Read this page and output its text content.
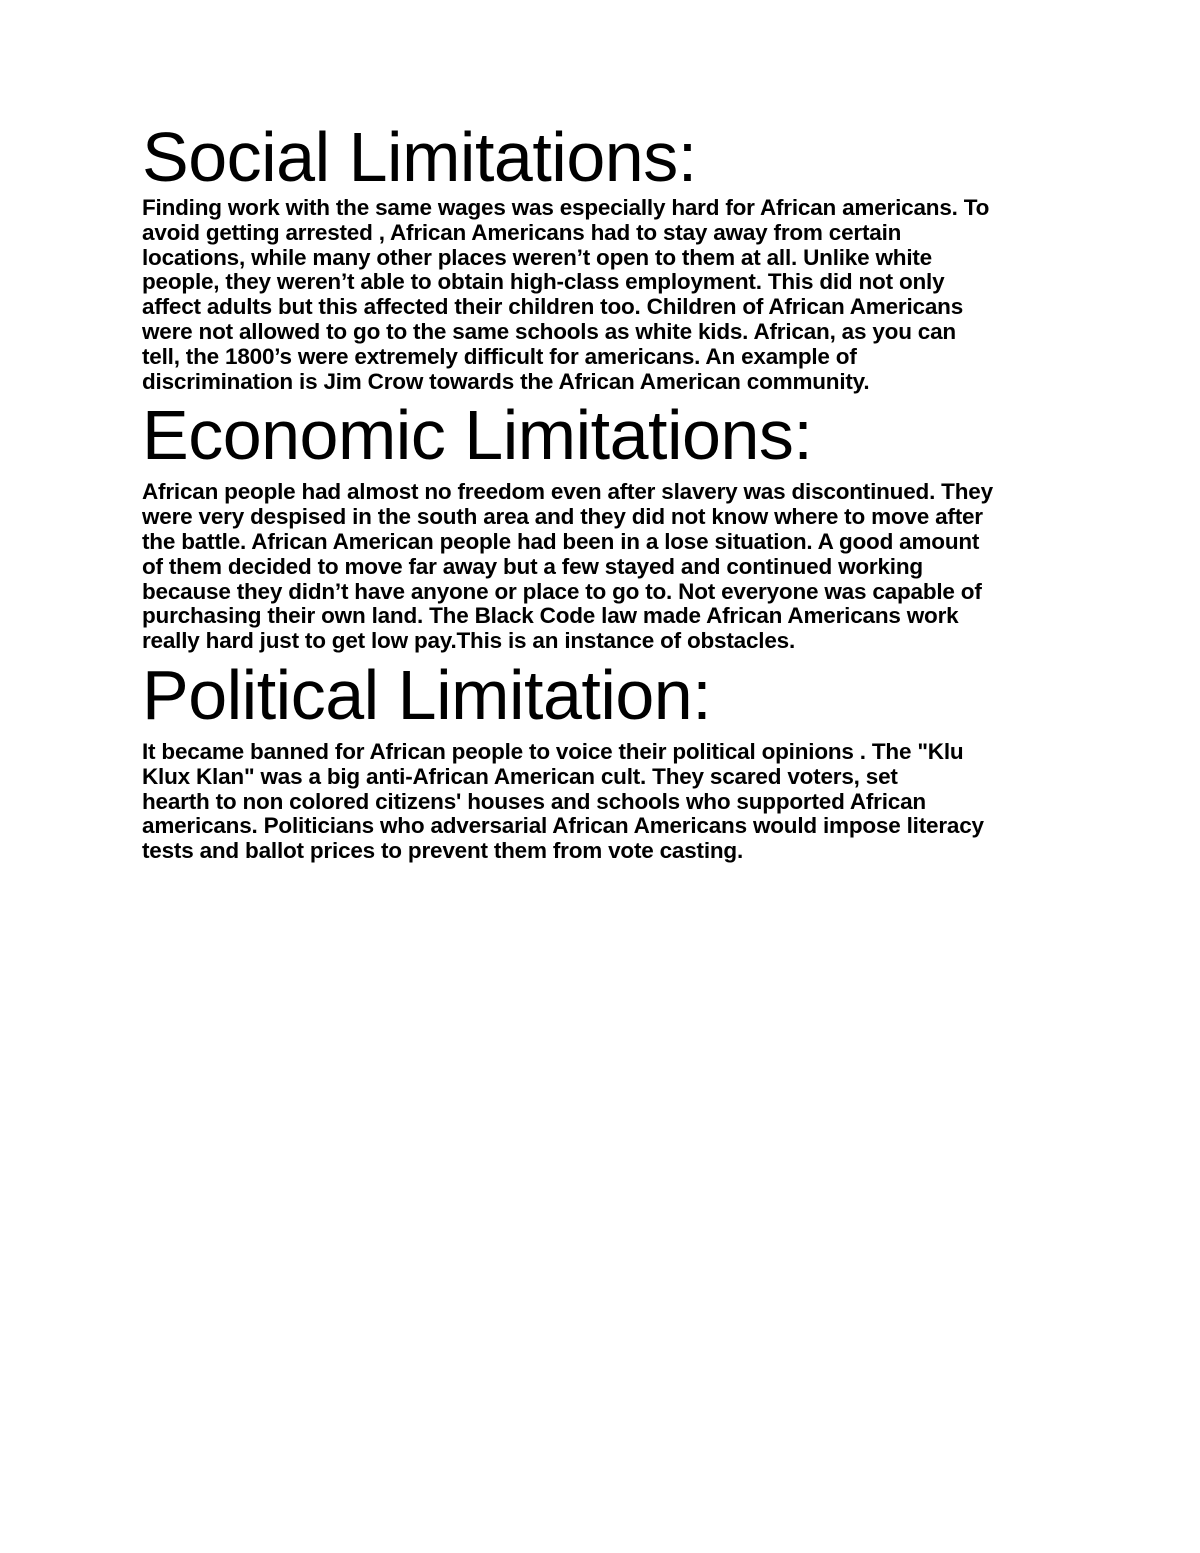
Social Limitations:

Finding work with the same wages was especially hard for African americans. To
avoid getting arrested , African Americans had to stay away from certain
locations, while many other places weren’t open to them at all. Unlike white
people, they weren’t able to obtain high-class employment. This did not only
affect adults but this affected their children too. Children of African Americans
were not allowed to go to the same schools as white kids. African, as you can
tell, the 1800’s were extremely difficult for americans. An example of
discrimination is Jim Crow towards the African American community.

Economic Limitations:

African people had almost no freedom even after slavery was discontinued. They
were very despised in the south area and they did not know where to move after
the battle. African American people had been in a lose situation. A good amount
of them decided to move far away but a few stayed and continued working
because they didn’t have anyone or place to go to. Not everyone was capable of
purchasing their own land. The Black Code law made African Americans work
really hard just to get low pay.This is an instance of obstacles.

Political Limitation:

It became banned for African people to voice their political opinions . The "Klu
Klux Klan" was a big anti-African American cult. They scared voters, set
hearth to non colored citizens' houses and schools who supported African
americans. Politicians who adversarial African Americans would impose literacy
tests and ballot prices to prevent them from vote casting.
